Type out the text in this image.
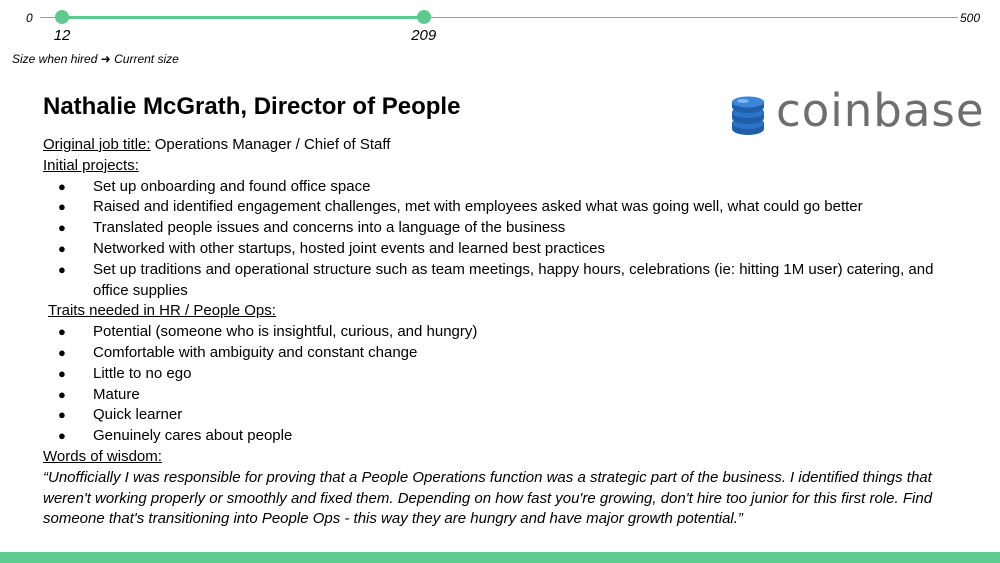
0
12	209
500
Size when hired ➜ Current size
coinbase
Nathalie McGrath, Director of People
Original job title: Operations Manager / Chief of Staff
Initial projects:
● Set up onboarding and found office space
● Raised and identified engagement challenges, met with employees asked what was going well, what could go better
● Translated people issues and concerns into a language of the business
● Networked with other startups, hosted joint events and learned best practices
● Set up traditions and operational structure such as team meetings, happy hours, celebrations (ie: hitting 1M user) catering, and office supplies
Traits needed in HR / People Ops:
● Potential (someone who is insightful, curious, and hungry)
● Comfortable with ambiguity and constant change
● Little to no ego
● Mature
● Quick learner
● Genuinely cares about people
Words of wisdom:
“Unofficially I was responsible for proving that a People Operations function was a strategic part of the business. I identified things that weren't working properly or smoothly and fixed them. Depending on how fast you're growing, don't hire too junior for this first role. Find someone that's transitioning into People Ops - this way they are hungry and have major growth potential.”
